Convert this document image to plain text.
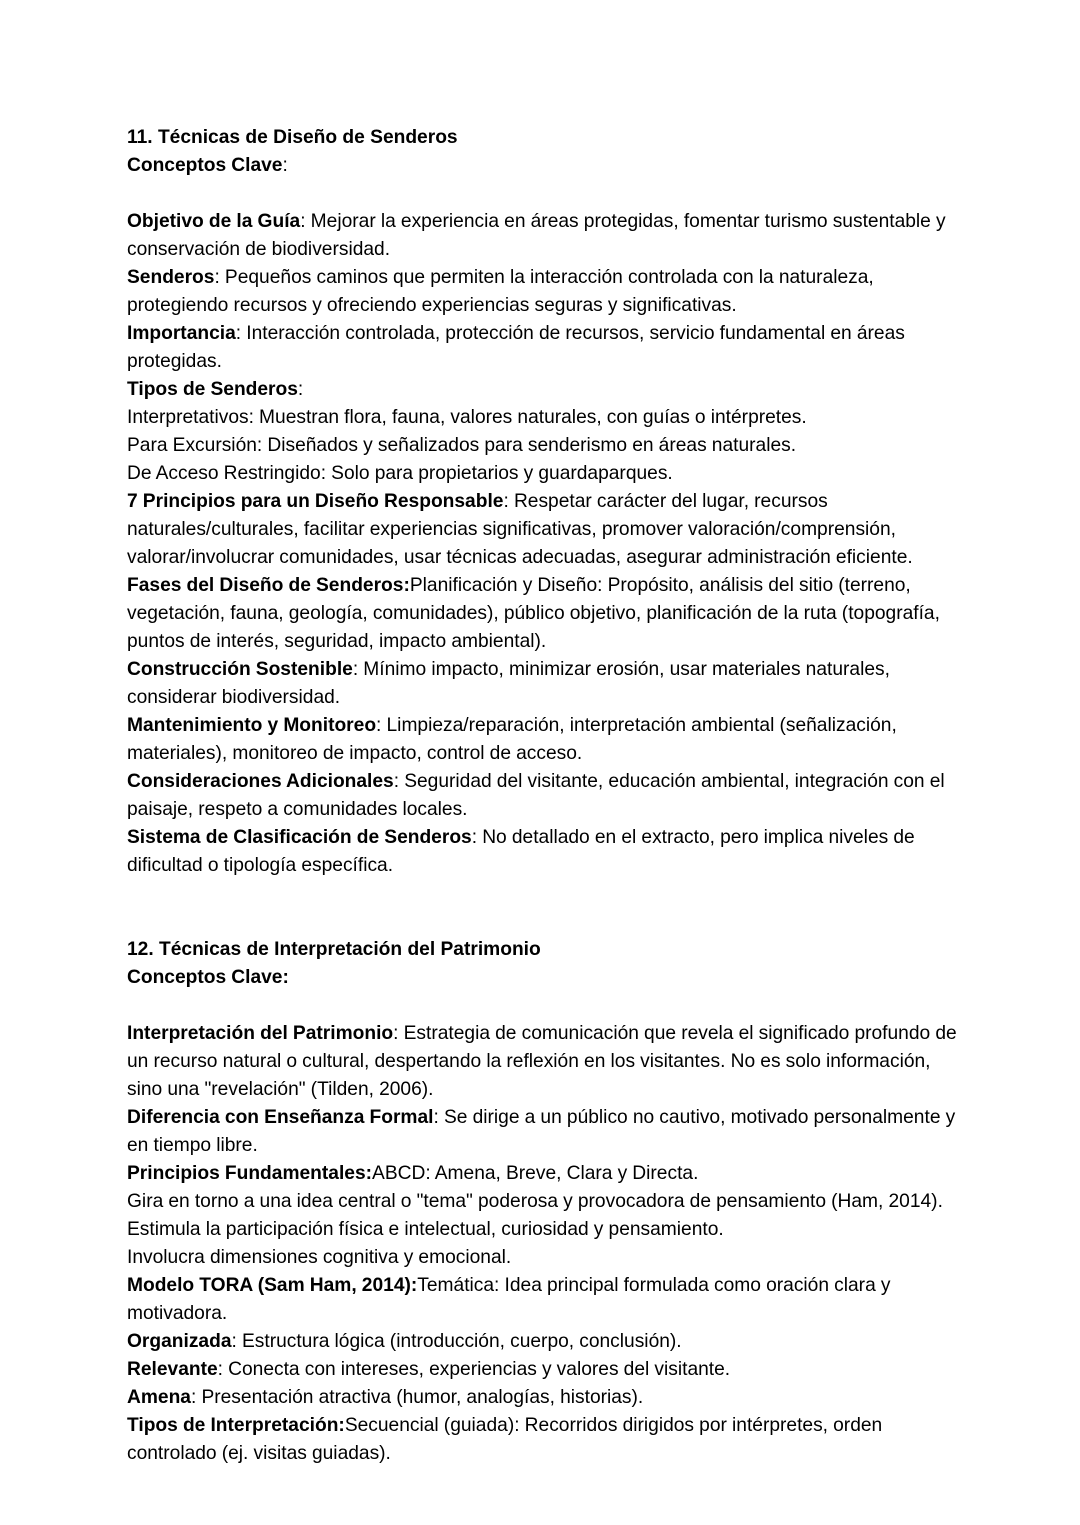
11. Técnicas de Diseño de Senderos
Conceptos Clave:

Objetivo de la Guía: Mejorar la experiencia en áreas protegidas, fomentar turismo sustentable y conservación de biodiversidad.
Senderos: Pequeños caminos que permiten la interacción controlada con la naturaleza, protegiendo recursos y ofreciendo experiencias seguras y significativas.
Importancia: Interacción controlada, protección de recursos, servicio fundamental en áreas protegidas.
Tipos de Senderos:
Interpretativos: Muestran flora, fauna, valores naturales, con guías o intérpretes.
Para Excursión: Diseñados y señalizados para senderismo en áreas naturales.
De Acceso Restringido: Solo para propietarios y guardaparques.
7 Principios para un Diseño Responsable: Respetar carácter del lugar, recursos naturales/culturales, facilitar experiencias significativas, promover valoración/comprensión, valorar/involucrar comunidades, usar técnicas adecuadas, asegurar administración eficiente.
Fases del Diseño de Senderos:Planificación y Diseño: Propósito, análisis del sitio (terreno, vegetación, fauna, geología, comunidades), público objetivo, planificación de la ruta (topografía, puntos de interés, seguridad, impacto ambiental).
Construcción Sostenible: Mínimo impacto, minimizar erosión, usar materiales naturales, considerar biodiversidad.
Mantenimiento y Monitoreo: Limpieza/reparación, interpretación ambiental (señalización, materiales), monitoreo de impacto, control de acceso.
Consideraciones Adicionales: Seguridad del visitante, educación ambiental, integración con el paisaje, respeto a comunidades locales.
Sistema de Clasificación de Senderos: No detallado en el extracto, pero implica niveles de dificultad o tipología específica.
12. Técnicas de Interpretación del Patrimonio
Conceptos Clave:

Interpretación del Patrimonio: Estrategia de comunicación que revela el significado profundo de un recurso natural o cultural, despertando la reflexión en los visitantes. No es solo información, sino una "revelación" (Tilden, 2006).
Diferencia con Enseñanza Formal: Se dirige a un público no cautivo, motivado personalmente y en tiempo libre.
Principios Fundamentales:ABCD: Amena, Breve, Clara y Directa.
Gira en torno a una idea central o "tema" poderosa y provocadora de pensamiento (Ham, 2014).
Estimula la participación física e intelectual, curiosidad y pensamiento.
Involucra dimensiones cognitiva y emocional.
Modelo TORA (Sam Ham, 2014):Temática: Idea principal formulada como oración clara y motivadora.
Organizada: Estructura lógica (introducción, cuerpo, conclusión).
Relevante: Conecta con intereses, experiencias y valores del visitante.
Amena: Presentación atractiva (humor, analogías, historias).
Tipos de Interpretación:Secuencial (guiada): Recorridos dirigidos por intérpretes, orden controlado (ej. visitas guiadas).
